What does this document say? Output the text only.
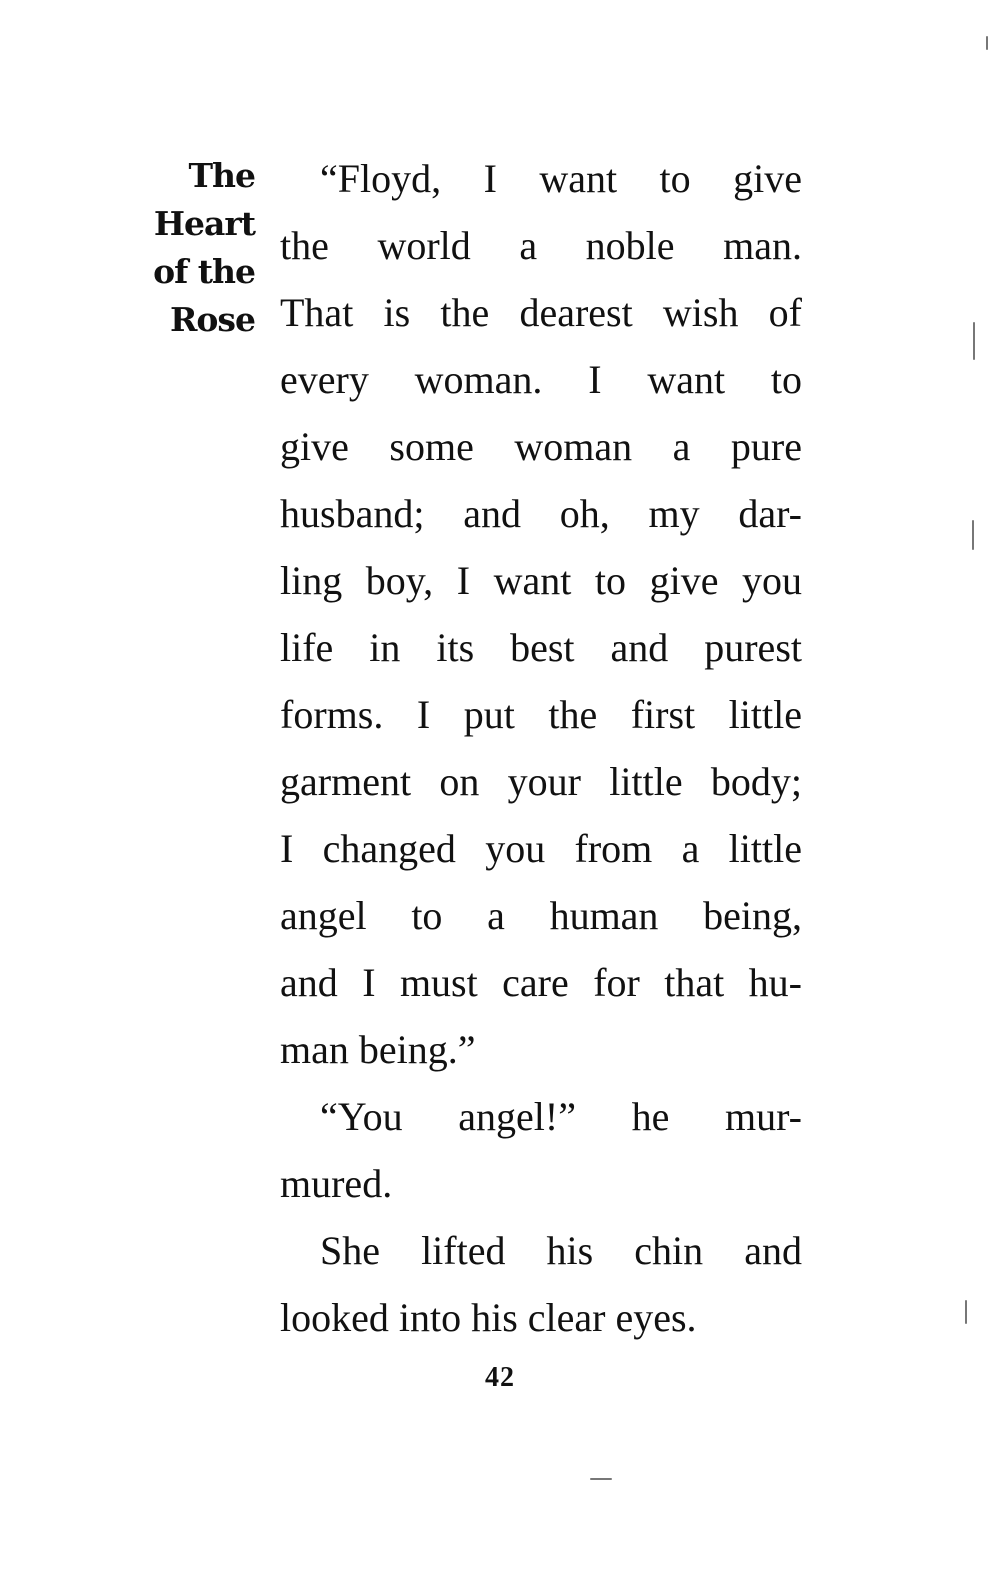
The
Heart
of the
Rose
“Floyd, I want to give
the world a noble man.
That is the dearest wish of
every woman. I want to
give some woman a pure
husband; and oh, my dar-
ling boy, I want to give you
life in its best and purest
forms. I put the first little
garment on your little body;
I changed you from a little
angel to a human being,
and I must care for that hu-
man being.”
“You angel!” he mur-
mured.
She lifted his chin and
looked into his clear eyes.
42
